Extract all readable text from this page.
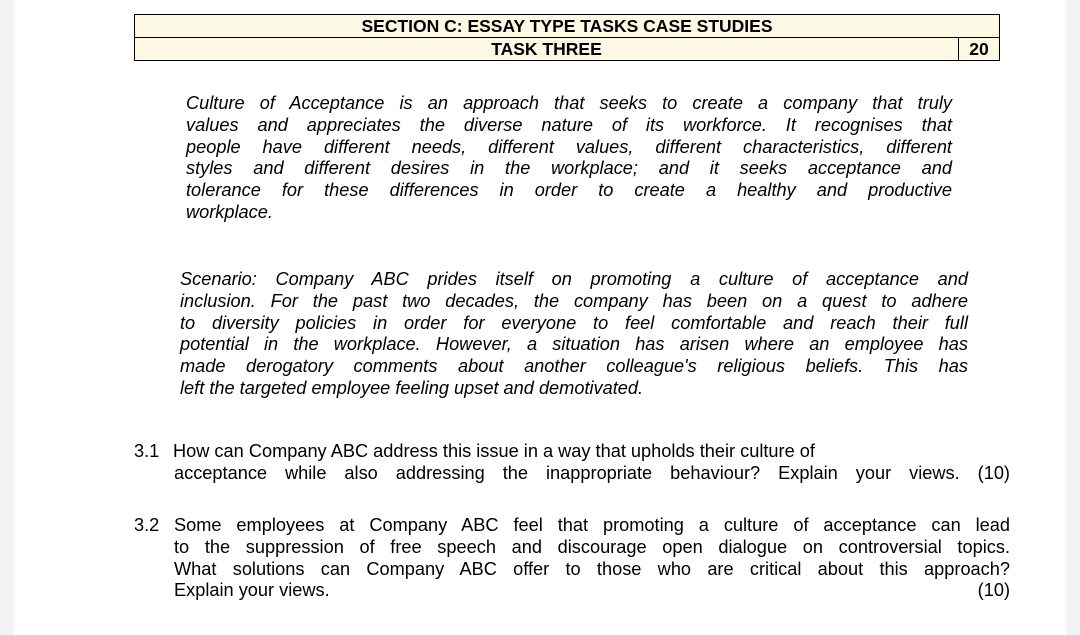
SECTION C: ESSAY TYPE TASKS CASE STUDIES
TASK THREE	20
Culture of Acceptance is an approach that seeks to create a company that truly
values and appreciates the diverse nature of its workforce. It recognises that
people have different needs, different values, different characteristics, different
styles and different desires in the workplace; and it seeks acceptance and
tolerance for these differences in order to create a healthy and productive
workplace.
Scenario: Company ABC prides itself on promoting a culture of acceptance and
inclusion. For the past two decades, the company has been on a quest to adhere
to diversity policies in order for everyone to feel comfortable and reach their full
potential in the workplace. However, a situation has arisen where an employee has
made derogatory comments about another colleague's religious beliefs. This has
left the targeted employee feeling upset and demotivated.
3.1 How can Company ABC address this issue in a way that upholds their culture of
acceptance while also addressing the inappropriate behaviour? Explain your views. (10)
3.2 Some employees at Company ABC feel that promoting a culture of acceptance can lead
to the suppression of free speech and discourage open dialogue on controversial topics.
What solutions can Company ABC offer to those who are critical about this approach?
Explain your views.	(10)
